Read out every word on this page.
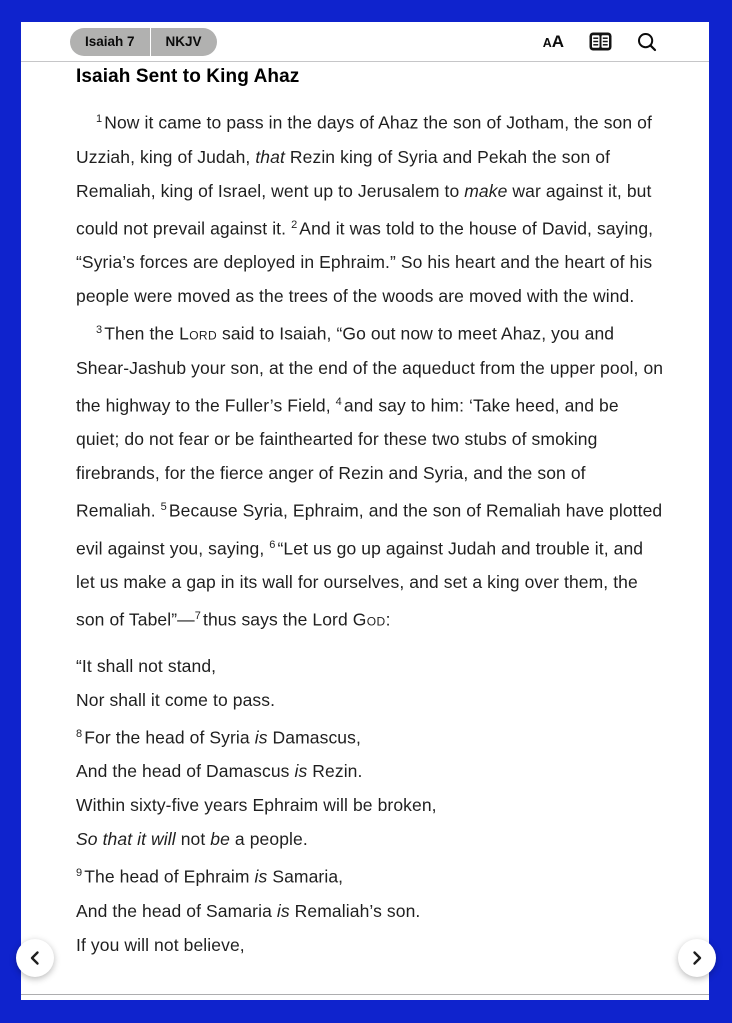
Isaiah 7	NKJV	A A
Isaiah Sent to King Ahaz

$^1$ Now it came to pass in the days of Ahaz the son of Jotham, the son of Uzziah, king of Judah, that Rezin king of Syria and Pekah the son of Remaliah, king of Israel, went up to Jerusalem to make war against it, but could not prevail against it. $^2$ And it was told to the house of David, saying, “Syria’s forces are deployed in Ephraim.” So his heart and the heart of his people were moved as the trees of the woods are moved with the wind.

$^3$ Then the Lord said to Isaiah, “Go out now to meet Ahaz, you and Shear-Jashub your son, at the end of the aqueduct from the upper pool, on the highway to the Fuller’s Field, $^4$ and say to him: ‘Take heed, and be quiet; do not fear or be fainthearted for these two stubs of smoking firebrands, for the fierce anger of Rezin and Syria, and the son of Remaliah. $^5$ Because Syria, Ephraim, and the son of Remaliah have plotted evil against you, saying, $^6$ “Let us go up against Judah and trouble it, and let us make a gap in its wall for ourselves, and set a king over them, the son of Tabel”—$^7$ thus says the Lord God:

“It shall not stand,
Nor shall it come to pass.
$^8$ For the head of Syria is Damascus,
And the head of Damascus is Rezin.
Within sixty-five years Ephraim will be broken,
So that it will not be a people.
$^9$ The head of Ephraim is Samaria,
And the head of Samaria is Remaliah’s son.
If you will not believe,
